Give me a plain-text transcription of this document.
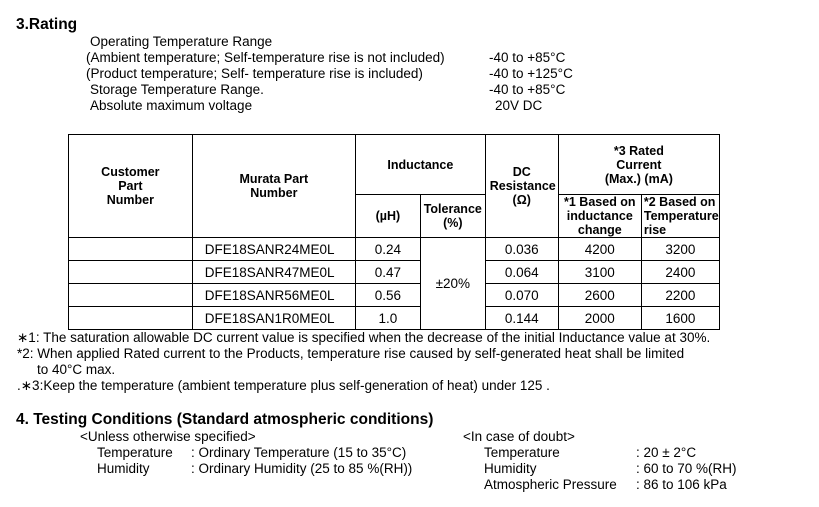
3.Rating
Operating Temperature Range
(Ambient temperature; Self-temperature rise is not included)	-40 to +85°C
(Product temperature; Self- temperature rise is included)	-40 to +125°C
Storage Temperature Range.	-40 to +85°C
Absolute maximum voltage	20V DC
Customer Part Number	Murata Part Number	Inductance		DC Resistance (Ω)	*3 Rated Current (Max.) (mA)	
		(µH)	Tolerance (%)		*1 Based on inductance change	*2 Based on Temperature rise
	DFE18SANR24ME0L	0.24	±20%	0.036	4200	3200
	DFE18SANR47ME0L	0.47		0.064	3100	2400
	DFE18SANR56ME0L	0.56		0.070	2600	2200
	DFE18SAN1R0ME0L	1.0		0.144	2000	1600
∗1: The saturation allowable DC current value is specified when the decrease of the initial Inductance value at 30%.
*2: When applied Rated current to the Products, temperature rise caused by self-generated heat shall be limited
to 40°C max.
.∗3:Keep the temperature (ambient temperature plus self-generation of heat) under 125 .
4. Testing Conditions (Standard atmospheric conditions)
<Unless otherwise specified>
Temperature : Ordinary Temperature (15 to 35°C)
Humidity	: Ordinary Humidity (25 to 85 %(RH))
<In case of doubt>
Temperature	: 20 ± 2°C
Humidity	: 60 to 70 %(RH)
Atmospheric Pressure : 86 to 106 kPa
